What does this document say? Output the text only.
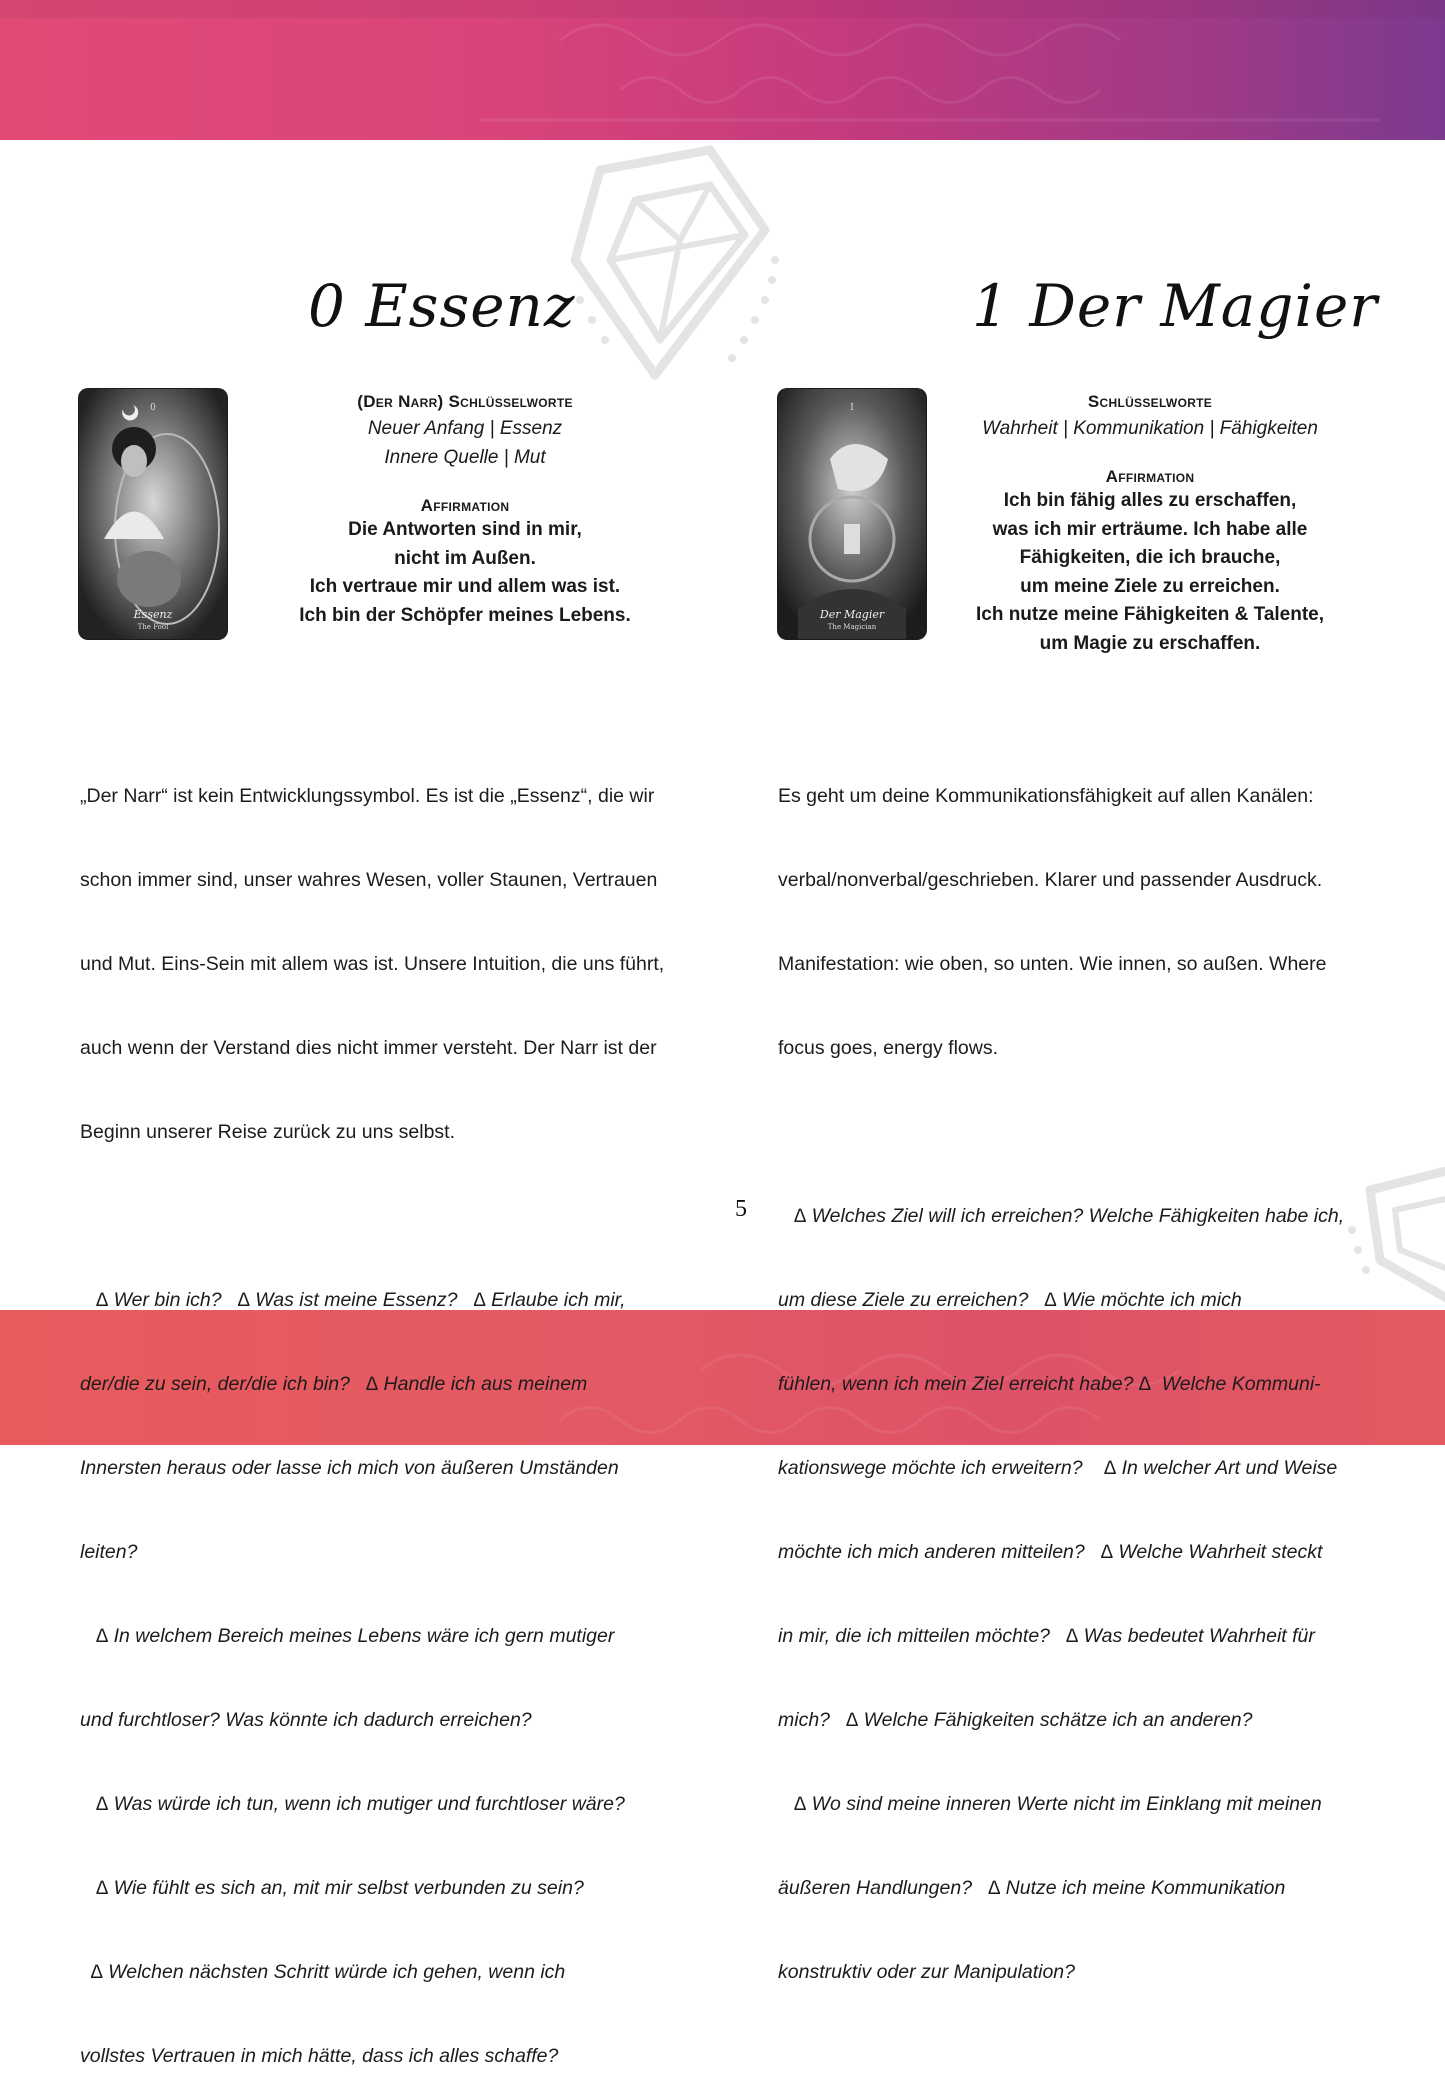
0 Essenz
0
Essenz
The Fool
(Der Narr) Schlüsselworte
Neuer Anfang | Essenz
Innere Quelle | Mut
Affirmation
Die Antworten sind in mir,
nicht im Außen.
Ich vertraue mir und allem was ist.
Ich bin der Schöpfer meines Lebens.

„Der Narr“ ist kein Entwicklungssymbol. Es ist die „Essenz“, die wir

schon immer sind, unser wahres Wesen, voller Staunen, Vertrauen

und Mut. Eins-Sein mit allem was ist. Unsere Intuition, die uns führt,

auch wenn der Verstand dies nicht immer versteht. Der Narr ist der

Beginn unserer Reise zurück zu uns selbst.

∆ Wer bin ich?   ∆ Was ist meine Essenz?   ∆ Erlaube ich mir,

der/die zu sein, der/die ich bin?   ∆ Handle ich aus meinem

Innersten heraus oder lasse ich mich von äußeren Umständen

leiten?

∆ In welchem Bereich meines Lebens wäre ich gern mutiger

und furchtloser? Was könnte ich dadurch erreichen?

∆ Was würde ich tun, wenn ich mutiger und furchtloser wäre?

∆ Wie fühlt es sich an, mit mir selbst verbunden zu sein?

∆ Welchen nächsten Schritt würde ich gehen, wenn ich

vollstes Vertrauen in mich hätte, dass ich alles schaffe?

1 Der Magier
I
Der Magier
The Magician
Schlüsselworte
Wahrheit | Kommunikation | Fähigkeiten
Affirmation
Ich bin fähig alles zu erschaffen,
was ich mir erträume. Ich habe alle
Fähigkeiten, die ich brauche,
um meine Ziele zu erreichen.
Ich nutze meine Fähigkeiten & Talente,
um Magie zu erschaffen.

Es geht um deine Kommunikationsfähigkeit auf allen Kanälen:

verbal/nonverbal/geschrieben. Klarer und passender Ausdruck.

Manifestation: wie oben, so unten. Wie innen, so außen. Where

focus goes, energy flows.

∆ Welches Ziel will ich erreichen? Welche Fähigkeiten habe ich,

um diese Ziele zu erreichen?   ∆ Wie möchte ich mich

fühlen, wenn ich mein Ziel erreicht habe? ∆  Welche Kommuni-

kationswege möchte ich erweitern?    ∆ In welcher Art und Weise

möchte ich mich anderen mitteilen?   ∆ Welche Wahrheit steckt

in mir, die ich mitteilen möchte?   ∆ Was bedeutet Wahrheit für

mich?   ∆ Welche Fähigkeiten schätze ich an anderen?

∆ Wo sind meine inneren Werte nicht im Einklang mit meinen

äußeren Handlungen?   ∆ Nutze ich meine Kommunikation

konstruktiv oder zur Manipulation?

5
